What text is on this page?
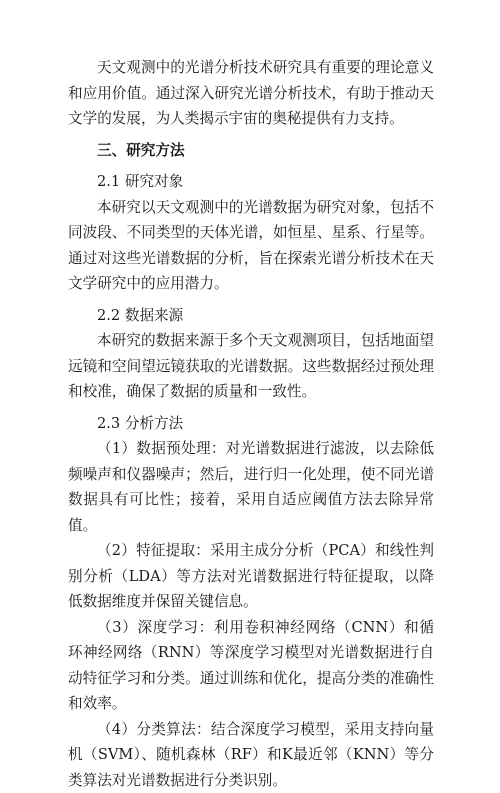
天文观测中的光谱分析技术研究具有重要的理论意义和应用价值。通过深入研究光谱分析技术，有助于推动天文学的发展，为人类揭示宇宙的奥秘提供有力支持。

三、研究方法

2.1 研究对象

本研究以天文观测中的光谱数据为研究对象，包括不同波段、不同类型的天体光谱，如恒星、星系、行星等。通过对这些光谱数据的分析，旨在探索光谱分析技术在天文学研究中的应用潜力。

2.2 数据来源

本研究的数据来源于多个天文观测项目，包括地面望远镜和空间望远镜获取的光谱数据。这些数据经过预处理和校准，确保了数据的质量和一致性。

2.3 分析方法

（1）数据预处理：对光谱数据进行滤波，以去除低频噪声和仪器噪声；然后，进行归一化处理，使不同光谱数据具有可比性；接着，采用自适应阈值方法去除异常值。

（2）特征提取：采用主成分分析（PCA）和线性判别分析（LDA）等方法对光谱数据进行特征提取，以降低数据维度并保留关键信息。

（3）深度学习：利用卷积神经网络（CNN）和循环神经网络（RNN）等深度学习模型对光谱数据进行自动特征学习和分类。通过训练和优化，提高分类的准确性和效率。

（4）分类算法：结合深度学习模型，采用支持向量机（SVM）、随机森林（RF）和K最近邻（KNN）等分类算法对光谱数据进行分类识别。
